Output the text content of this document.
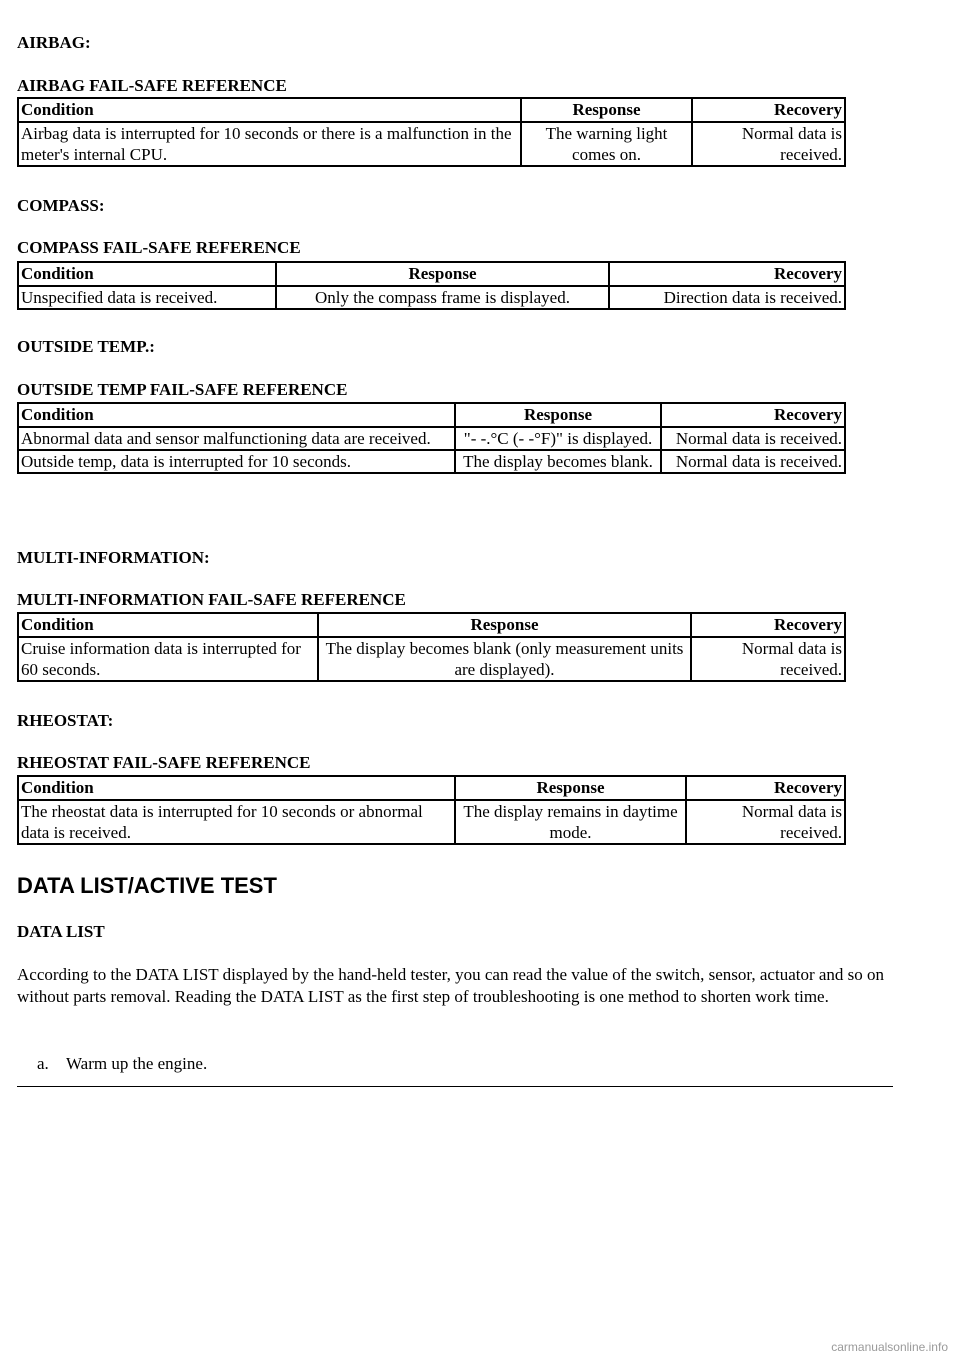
AIRBAG:
AIRBAG FAIL-SAFE REFERENCE
Condition	Response	Recovery
Airbag data is interrupted for 10 seconds or there is a malfunction in the meter's internal CPU.	The warning light comes on.	Normal data is received.
COMPASS:
COMPASS FAIL-SAFE REFERENCE
Condition	Response	Recovery
Unspecified data is received.	Only the compass frame is displayed.	Direction data is received.
OUTSIDE TEMP.:
OUTSIDE TEMP FAIL-SAFE REFERENCE
Condition	Response	Recovery
Abnormal data and sensor malfunctioning data are received.	"- -.°C (- -°F)" is displayed.	Normal data is received.
Outside temp, data is interrupted for 10 seconds.	The display becomes blank.	Normal data is received.
MULTI-INFORMATION:
MULTI-INFORMATION FAIL-SAFE REFERENCE
Condition	Response	Recovery
Cruise information data is interrupted for 60 seconds.	The display becomes blank (only measurement units are displayed).	Normal data is received.
RHEOSTAT:
RHEOSTAT FAIL-SAFE REFERENCE
Condition	Response	Recovery
The rheostat data is interrupted for 10 seconds or abnormal data is received.	The display remains in daytime mode.	Normal data is received.
DATA LIST/ACTIVE TEST
DATA LIST
According to the DATA LIST displayed by the hand-held tester, you can read the value of the switch, sensor, actuator and so on without parts removal. Reading the DATA LIST as the first step of troubleshooting is one method to shorten work time.
a. Warm up the engine.
carmanualsonline.info
